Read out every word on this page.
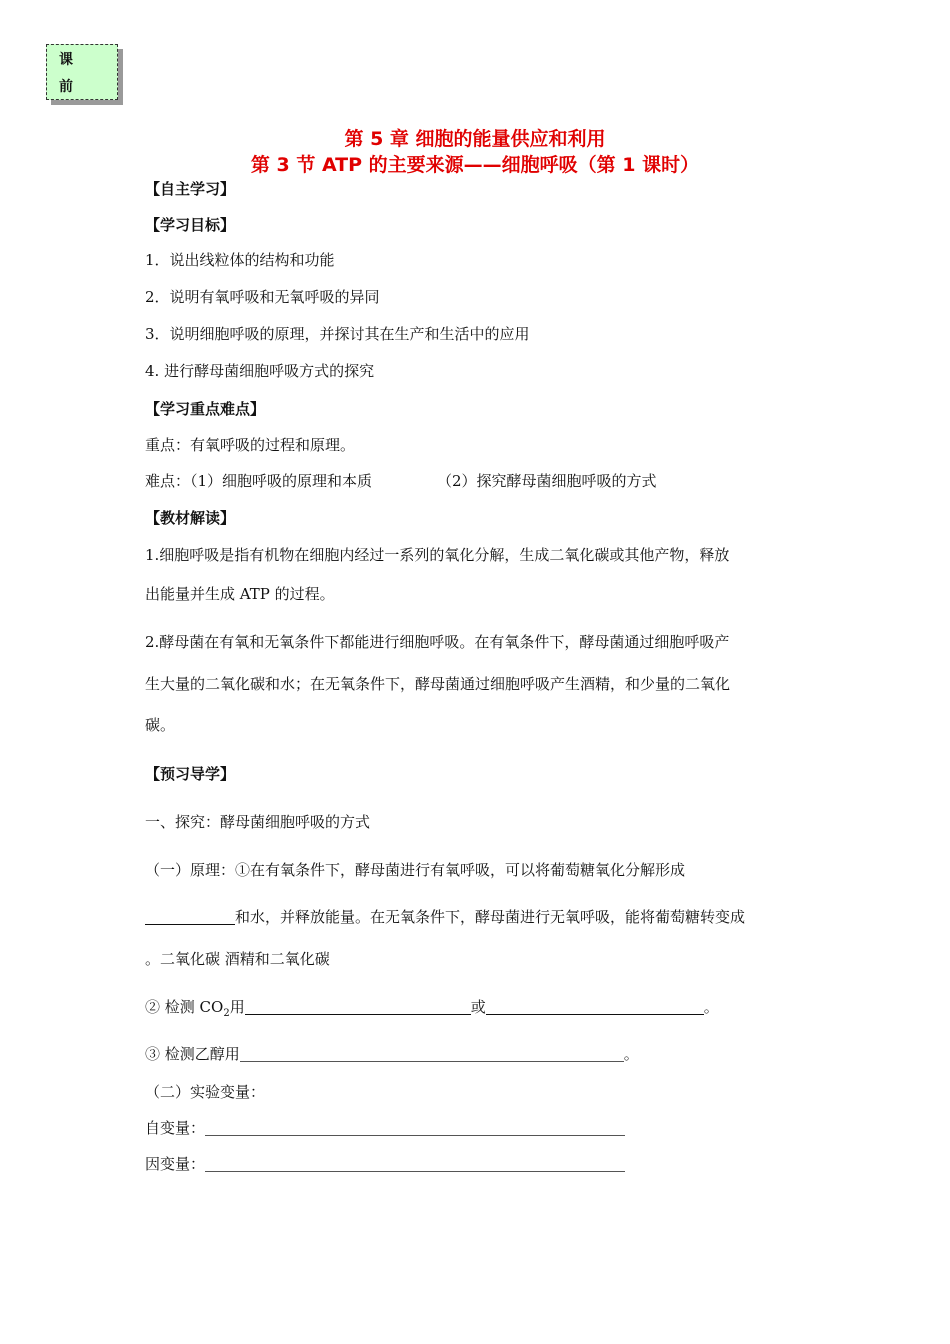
课
前
第 5 章 细胞的能量供应和利用
第 3 节 ATP 的主要来源——细胞呼吸（第 1 课时）
【自主学习】
【学习目标】
1．说出线粒体的结构和功能
2．说明有氧呼吸和无氧呼吸的异同
3．说明细胞呼吸的原理，并探讨其在生产和生活中的应用
4. 进行酵母菌细胞呼吸方式的探究
【学习重点难点】
重点：有氧呼吸的过程和原理。
难点：（1）细胞呼吸的原理和本质	（2）探究酵母菌细胞呼吸的方式
【教材解读】
1.细胞呼吸是指有机物在细胞内经过一系列的氧化分解，生成二氧化碳或其他产物，释放
出能量并生成 ATP 的过程。
2.酵母菌在有氧和无氧条件下都能进行细胞呼吸。在有氧条件下，酵母菌通过细胞呼吸产
生大量的二氧化碳和水；在无氧条件下，酵母菌通过细胞呼吸产生酒精，和少量的二氧化
碳。
【预习导学】
一、探究：酵母菌细胞呼吸的方式
（一）原理：①在有氧条件下，酵母菌进行有氧呼吸，可以将葡萄糖氧化分解形成
和水，并释放能量。在无氧条件下，酵母菌进行无氧呼吸，能将葡萄糖转变成
。二氧化碳 酒精和二氧化碳
② 检测 $CO_2$用	或	。
③ 检测乙醇用	。
（二）实验变量：
自变量：
因变量：
